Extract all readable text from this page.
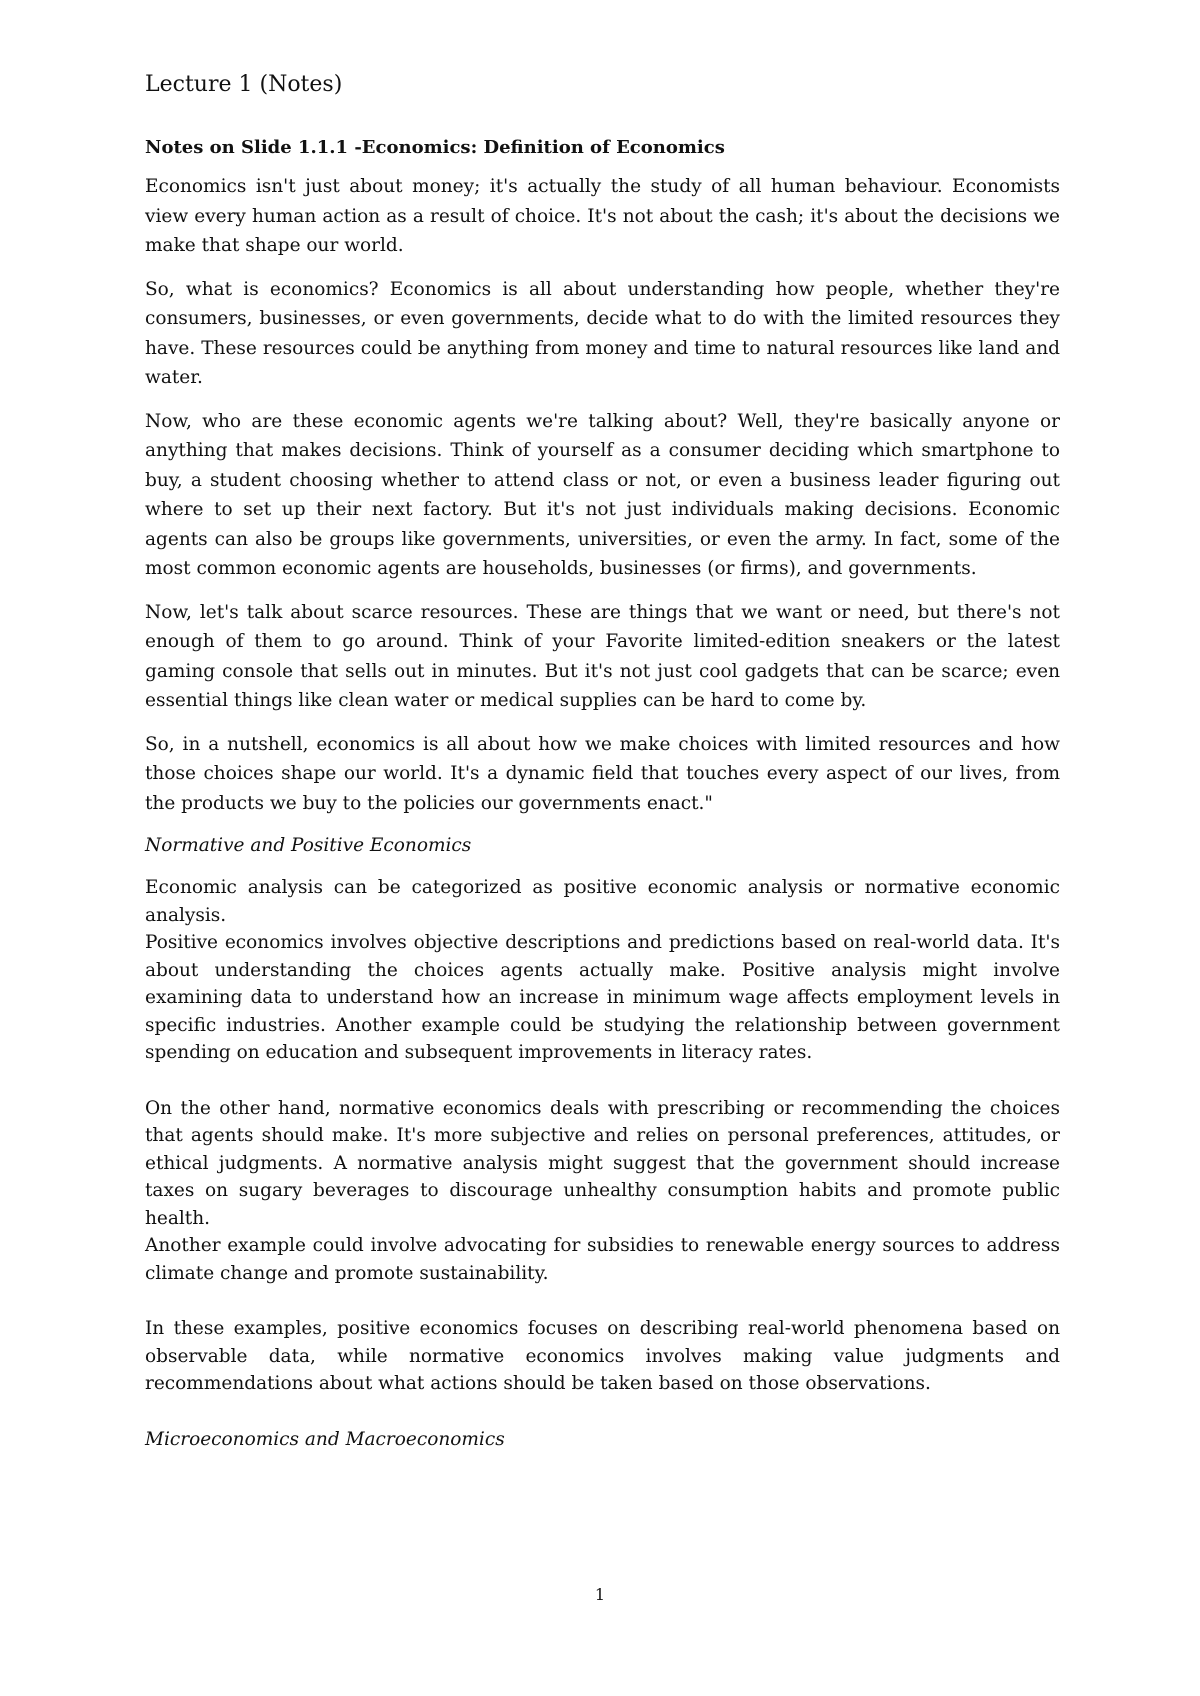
Lecture 1 (Notes)
Notes on Slide 1.1.1 -Economics: Definition of Economics

Economics isn't just about money; it's actually the study of all human behaviour. Economists view every human action as a result of choice. It's not about the cash; it's about the decisions we make that shape our world.

So, what is economics? Economics is all about understanding how people, whether they're consumers, businesses, or even governments, decide what to do with the limited resources they have. These resources could be anything from money and time to natural resources like land and water.

Now, who are these economic agents we're talking about? Well, they're basically anyone or anything that makes decisions. Think of yourself as a consumer deciding which smartphone to buy, a student choosing whether to attend class or not, or even a business leader figuring out where to set up their next factory. But it's not just individuals making decisions. Economic agents can also be groups like governments, universities, or even the army. In fact, some of the most common economic agents are households, businesses (or firms), and governments.

Now, let's talk about scarce resources. These are things that we want or need, but there's not enough of them to go around. Think of your Favorite limited-edition sneakers or the latest gaming console that sells out in minutes. But it's not just cool gadgets that can be scarce; even essential things like clean water or medical supplies can be hard to come by.

So, in a nutshell, economics is all about how we make choices with limited resources and how those choices shape our world. It's a dynamic field that touches every aspect of our lives, from the products we buy to the policies our governments enact."

Normative and Positive Economics

Economic analysis can be categorized as positive economic analysis or normative economic analysis.

Positive economics involves objective descriptions and predictions based on real-world data. It's about understanding the choices agents actually make. Positive analysis might involve examining data to understand how an increase in minimum wage affects employment levels in specific industries. Another example could be studying the relationship between government spending on education and subsequent improvements in literacy rates.

On the other hand, normative economics deals with prescribing or recommending the choices that agents should make. It's more subjective and relies on personal preferences, attitudes, or ethical judgments. A normative analysis might suggest that the government should increase taxes on sugary beverages to discourage unhealthy consumption habits and promote public health.

Another example could involve advocating for subsidies to renewable energy sources to address climate change and promote sustainability.

In these examples, positive economics focuses on describing real-world phenomena based on observable data, while normative economics involves making value judgments and recommendations about what actions should be taken based on those observations.

Microeconomics and Macroeconomics
1
